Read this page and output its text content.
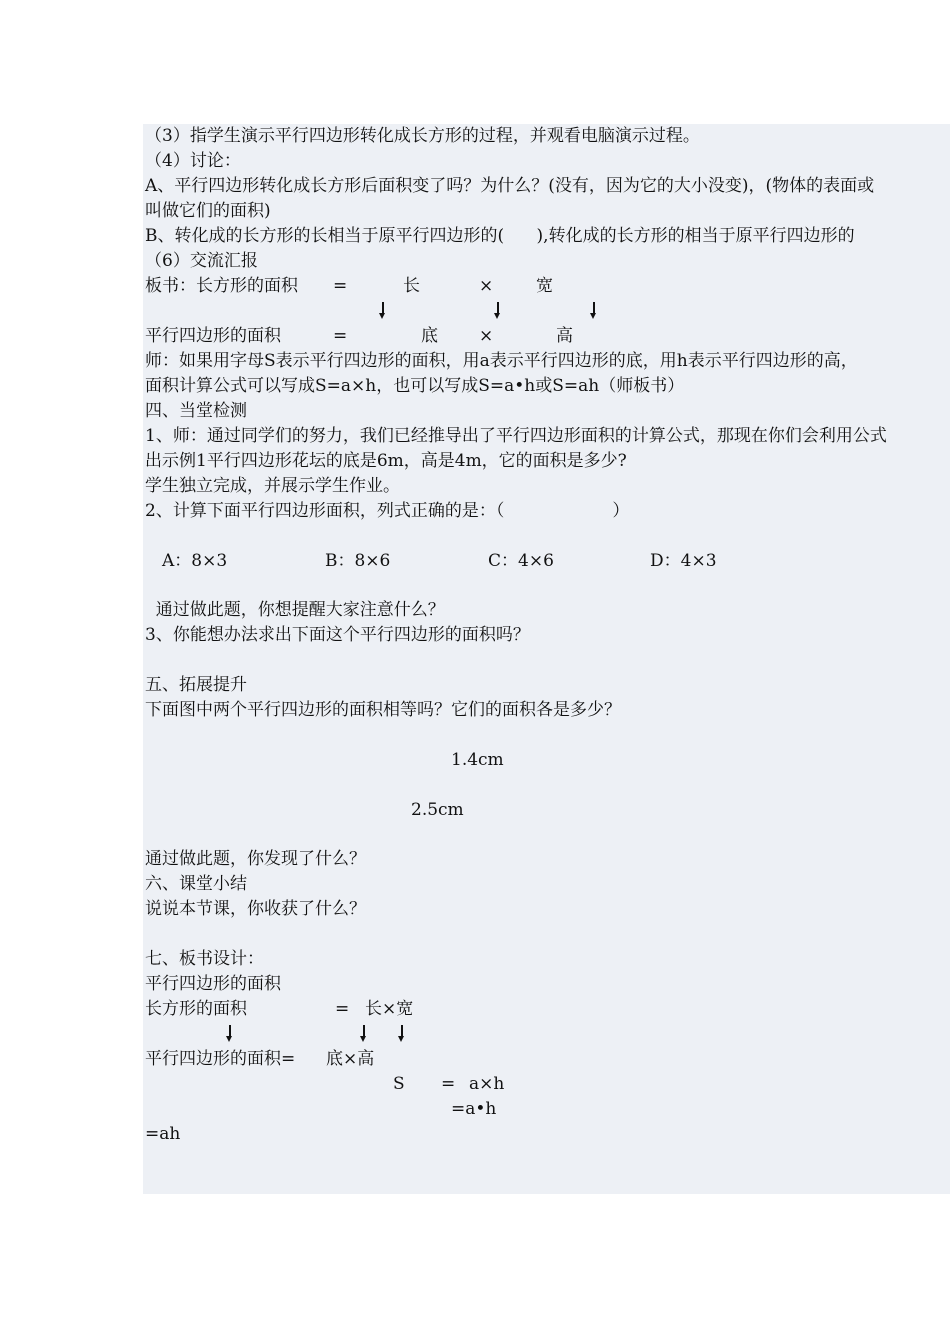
（3）指学生演示平行四边形转化成长方形的过程，并观看电脑演示过程。
（4）讨论：
A、平行四边形转化成长方形后面积变了吗？为什么？(没有，因为它的大小没变)，(物体的表面或
叫做它们的面积)
B、转化成的长方形的长相当于原平行四边形的(      ),转化成的长方形的相当于原平行四边形的
（6）交流汇报
板书：长方形的面积 =	长	×	宽
平行四边形的面积	=	底 ×	高
师：如果用字母S表示平行四边形的面积，用a表示平行四边形的底，用h表示平行四边形的高，
面积计算公式可以写成S=a×h，也可以写成S=a•h或S=ah（师板书）
四、当堂检测
1、师：通过同学们的努力，我们已经推导出了平行四边形面积的计算公式，那现在你们会利用公式
出示例1平行四边形花坛的底是6m，高是4m，它的面积是多少?
学生独立完成，并展示学生作业。
2、计算下面平行四边形面积，列式正确的是：（                    ）
A：8×3	B：8×6	C：4×6	D：4×3
通过做此题，你想提醒大家注意什么？
3、你能想办法求出下面这个平行四边形的面积吗？
五、拓展提升
下面图中两个平行四边形的面积相等吗？它们的面积各是多少？
1.4cm
2.5cm
通过做此题，你发现了什么？
六、课堂小结
说说本节课，你收获了什么？
七、板书设计：
平行四边形的面积
长方形的面积	= 长×宽
平行四边形的面积= 底×高
S = a×h
=a•h
=ah
